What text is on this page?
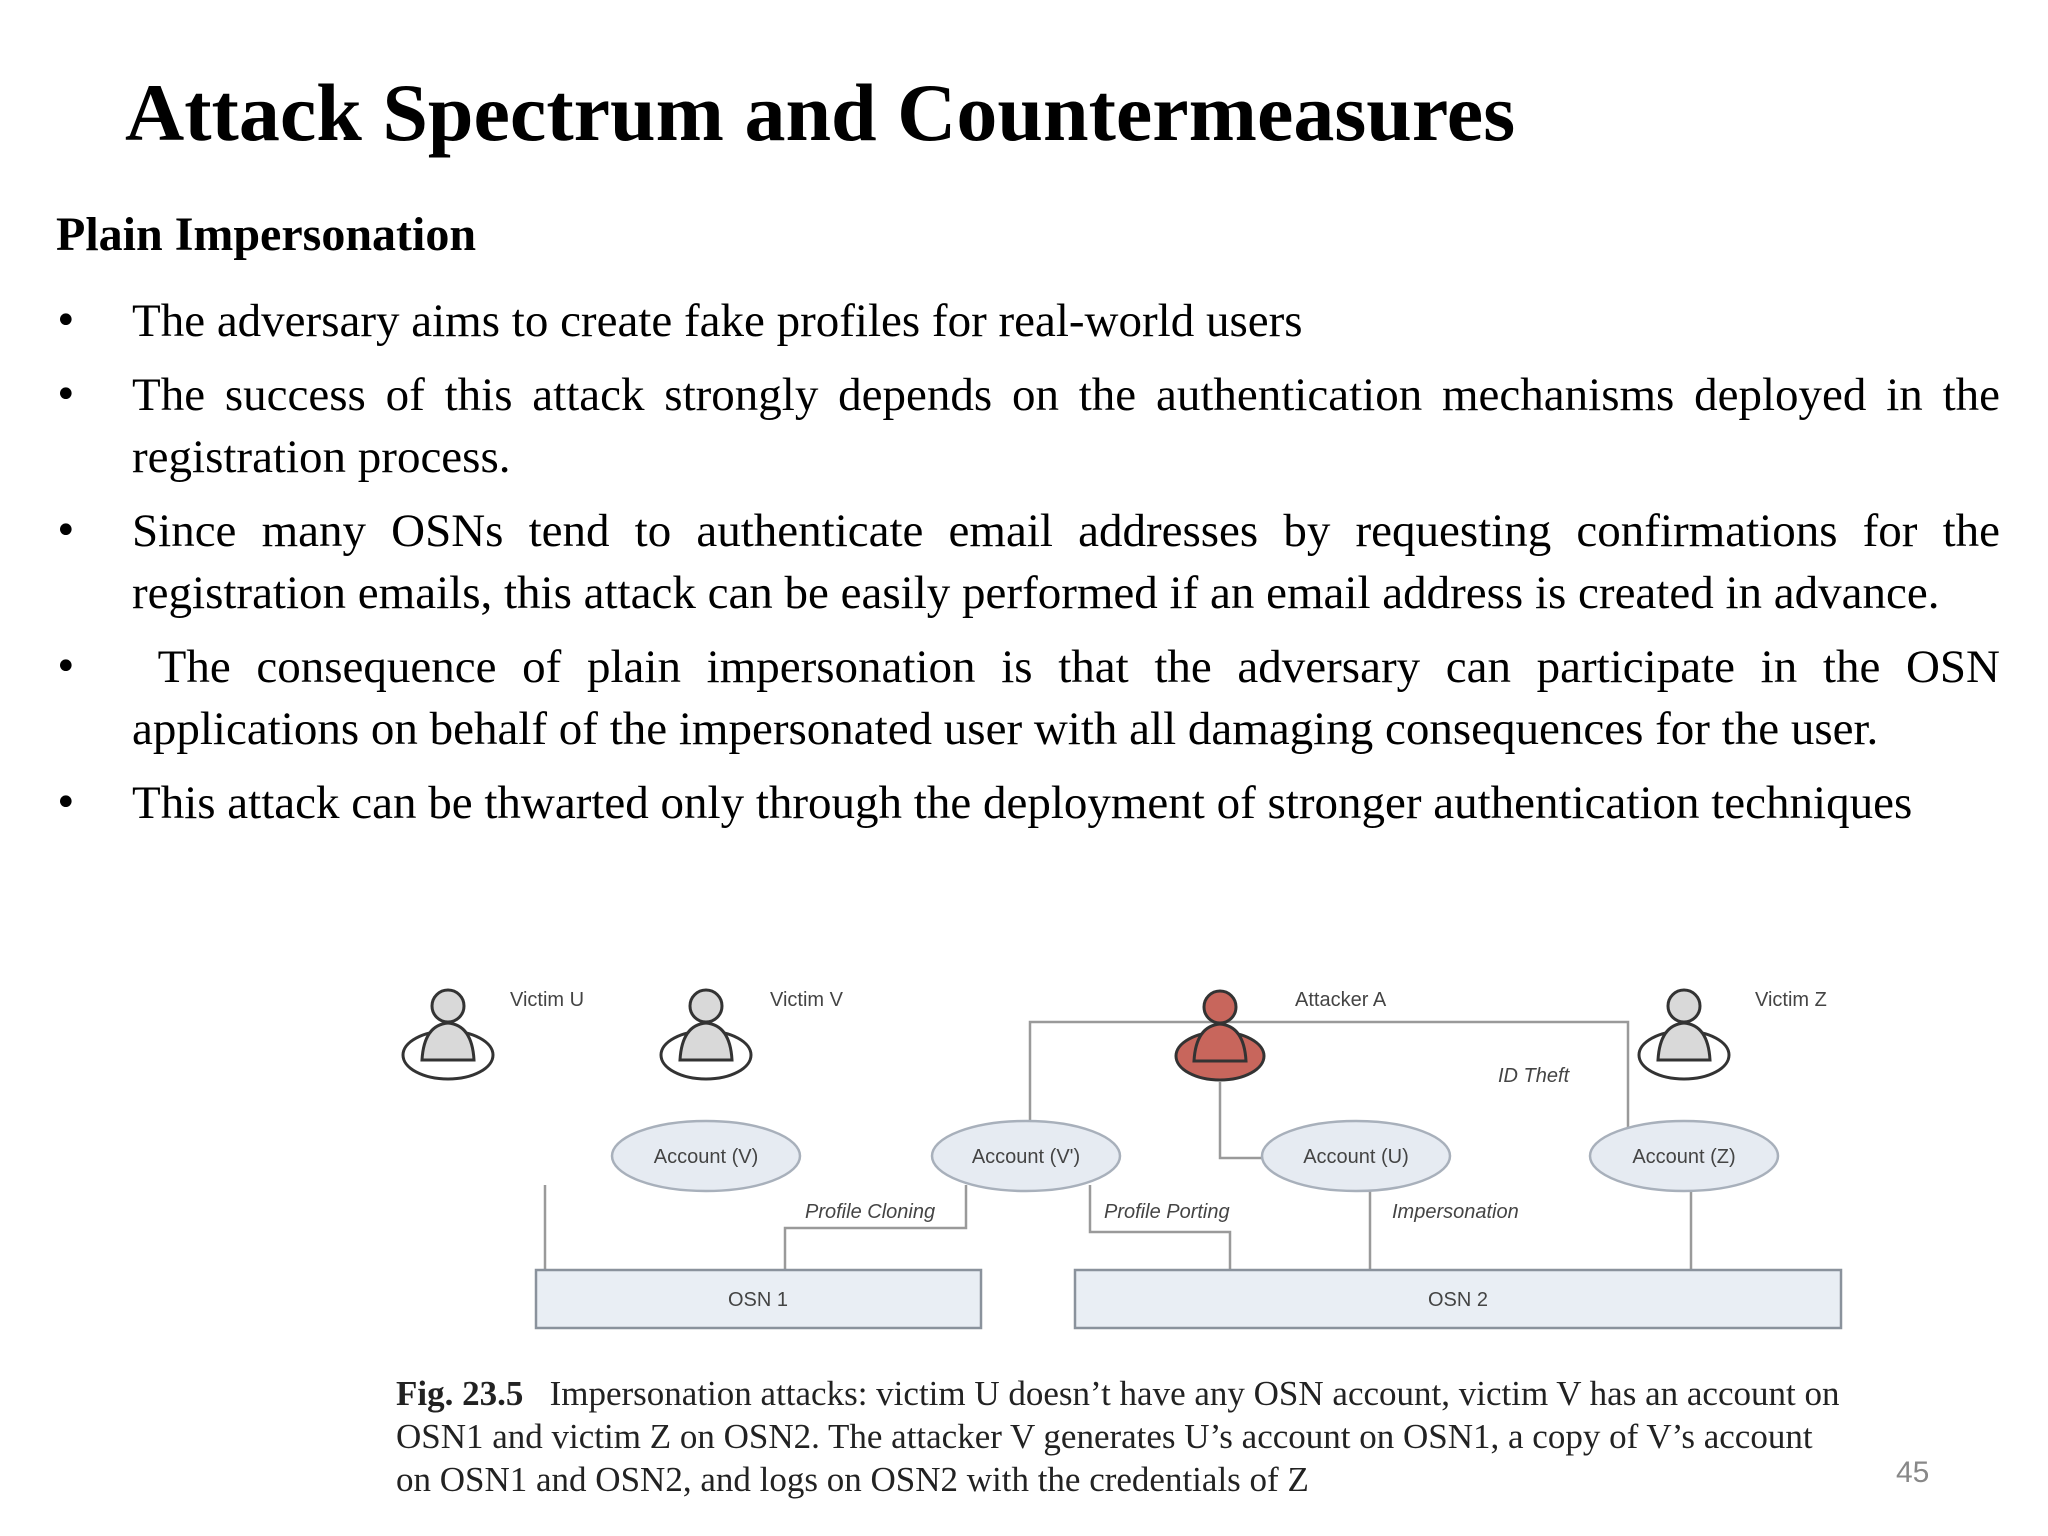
Attack Spectrum and Countermeasures
Plain Impersonation
• The adversary aims to create fake profiles for real-world users
• The success of this attack strongly depends on the authentication mechanisms deployed in the registration process.
• Since many OSNs tend to authenticate email addresses by requesting confirmations for the registration emails, this attack can be easily performed if an email address is created in advance.
• The consequence of plain impersonation is that the adversary can participate in the OSN applications on behalf of the impersonated user with all damaging consequences for the user.
• This attack can be thwarted only through the deployment of stronger authentication techniques
Victim U	Victim V	Attacker A	Victim Z
ID Theft
Account (V)	Account (V')	Account (U)	Account (Z)
Profile Cloning	Profile Porting	Impersonation
OSN 1	OSN 2

Fig. 23.5 Impersonation attacks: victim U doesn’t have any OSN account, victim V has an account on OSN1 and victim Z on OSN2. The attacker V generates U’s account on OSN1, a copy of V’s account on OSN1 and OSN2, and logs on OSN2 with the credentials of Z	45
